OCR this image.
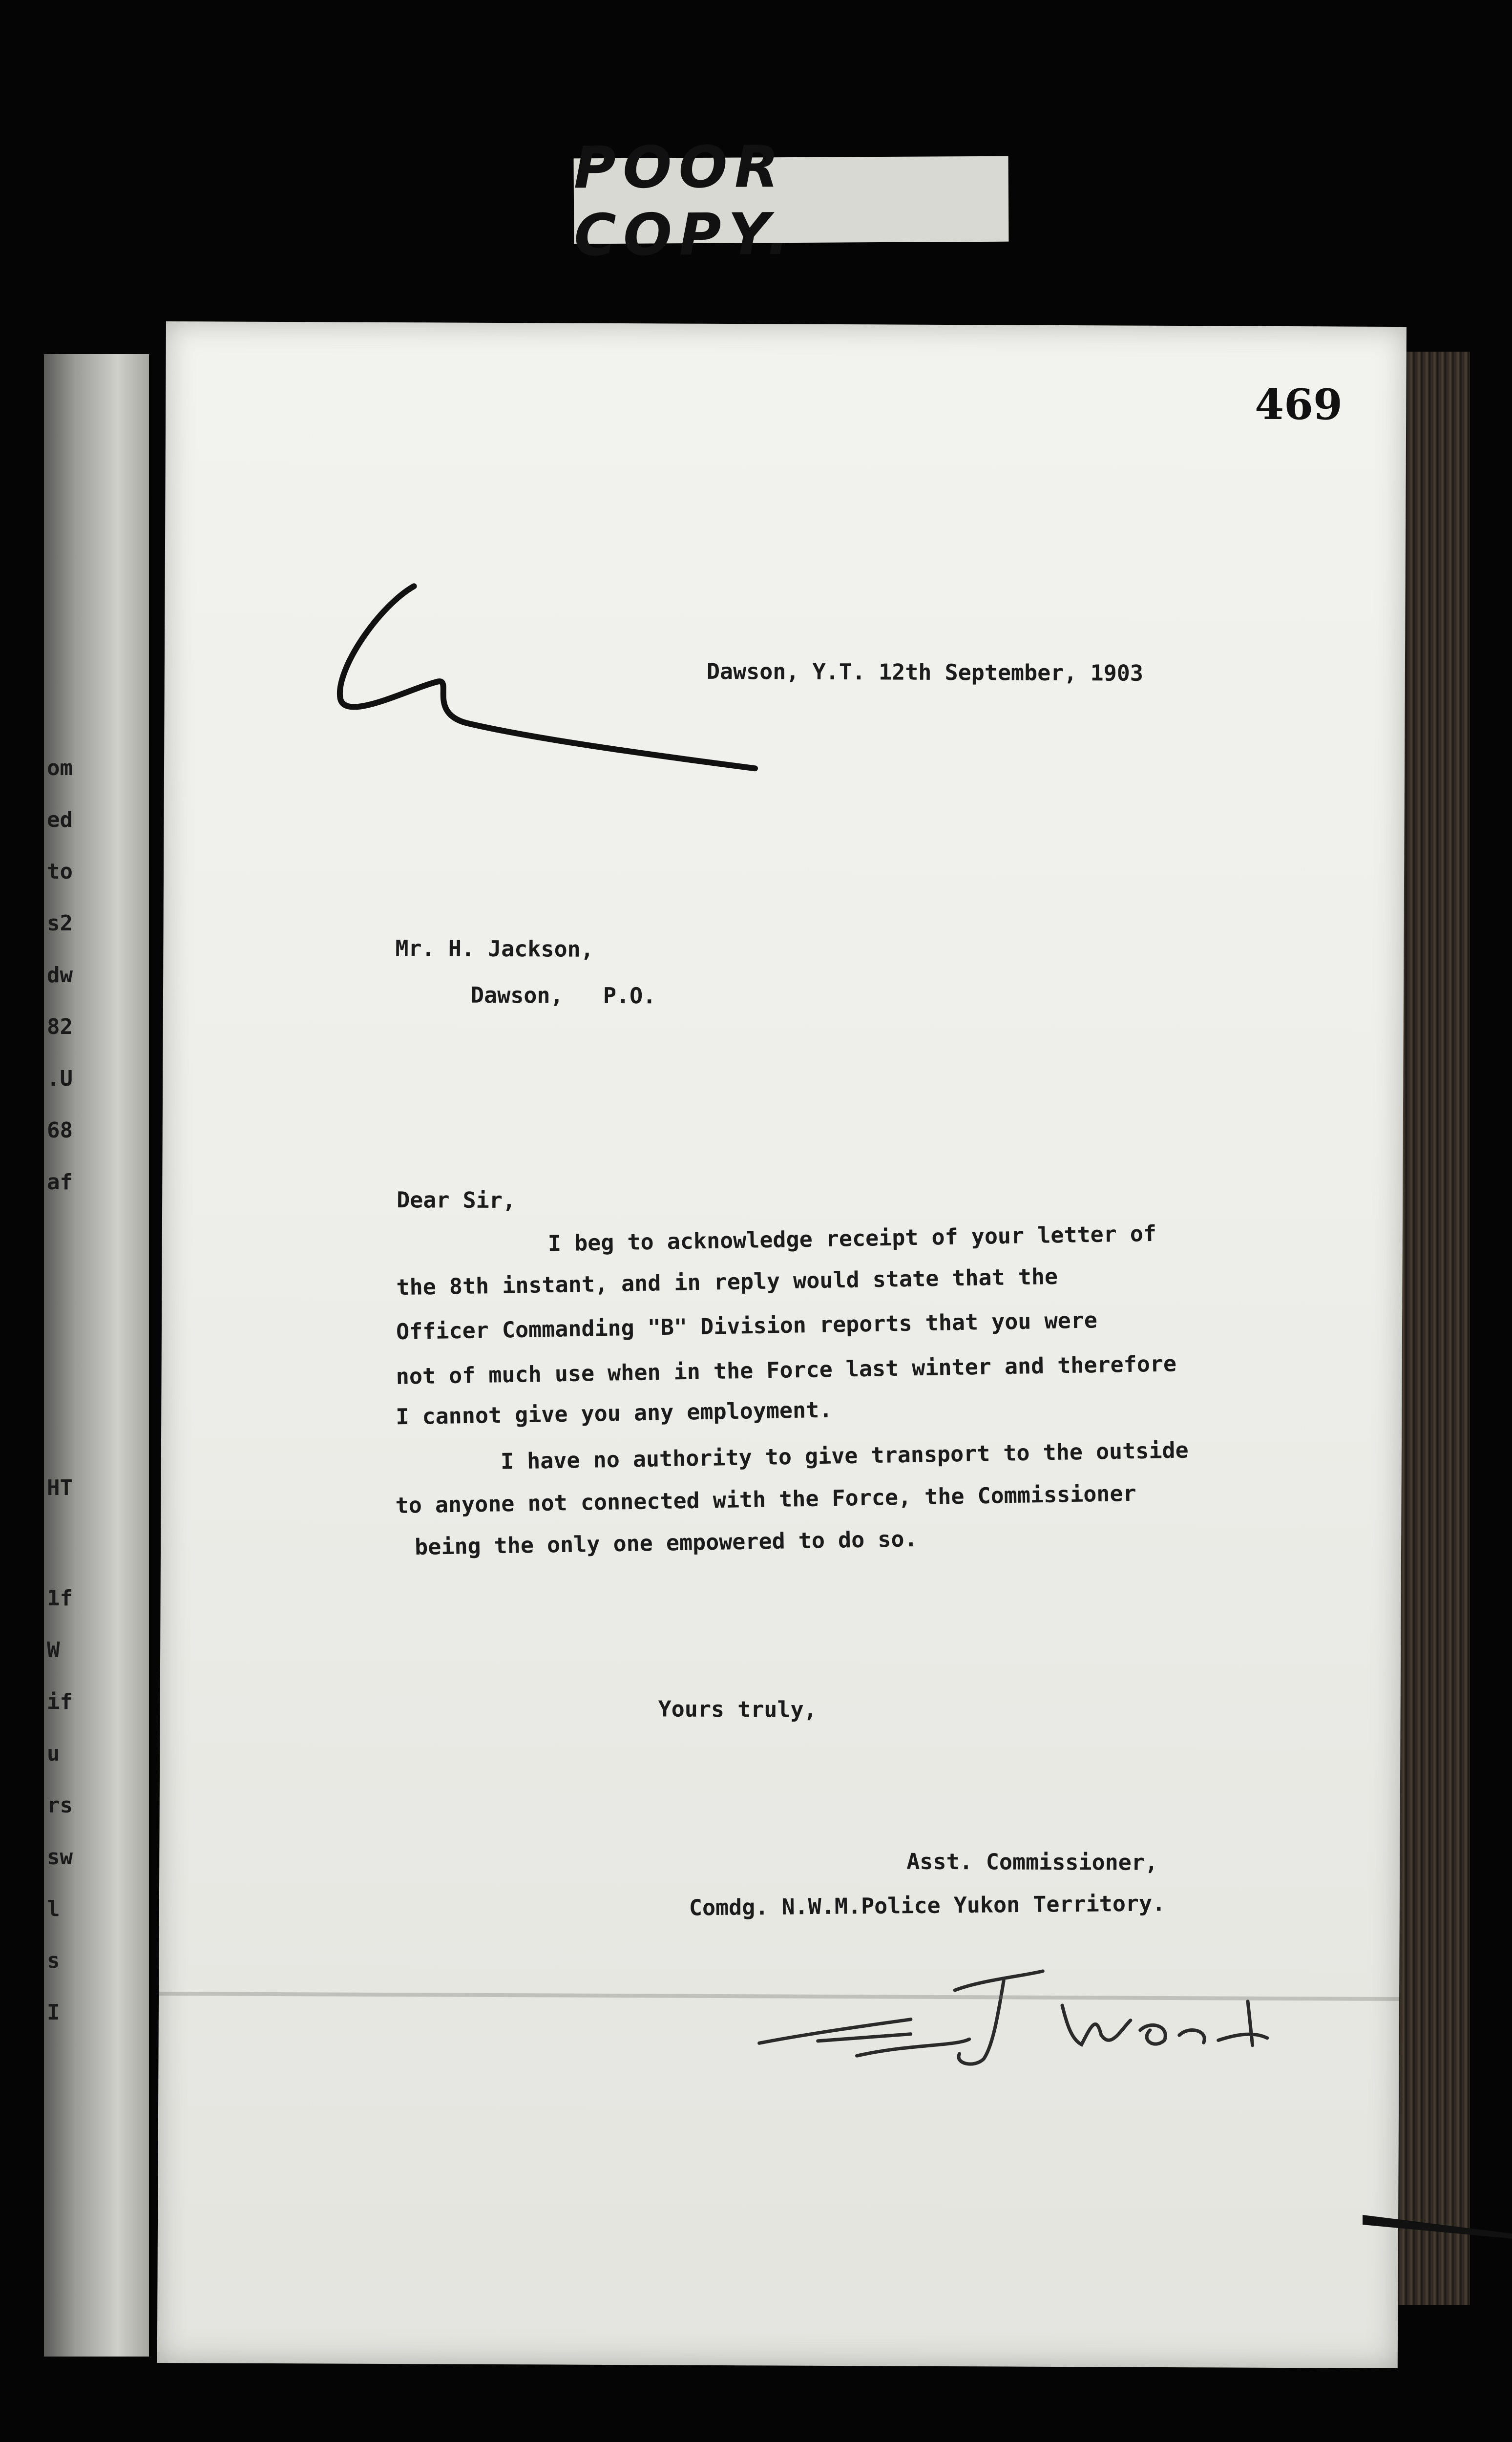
POOR COPY.
om
ed
to
s2
dw
82
.U
68
af
HT
1f
W
if
u
rs
sw
l
s
I
469
Dawson, Y.T. 12th September, 1903
Mr. H. Jackson,
Dawson,   P.O.
Dear Sir,
I beg to acknowledge receipt of your letter of
the 8th instant, and in reply would state that the
Officer Commanding "B" Division reports that you were
not of much use when in the Force last winter and therefore
I cannot give you any employment.
I have no authority to give transport to the outside
to anyone not connected with the Force, the Commissioner
being the only one empowered to do so.
Yours truly,
Asst. Commissioner,
Comdg. N.W.M.Police Yukon Territory.
